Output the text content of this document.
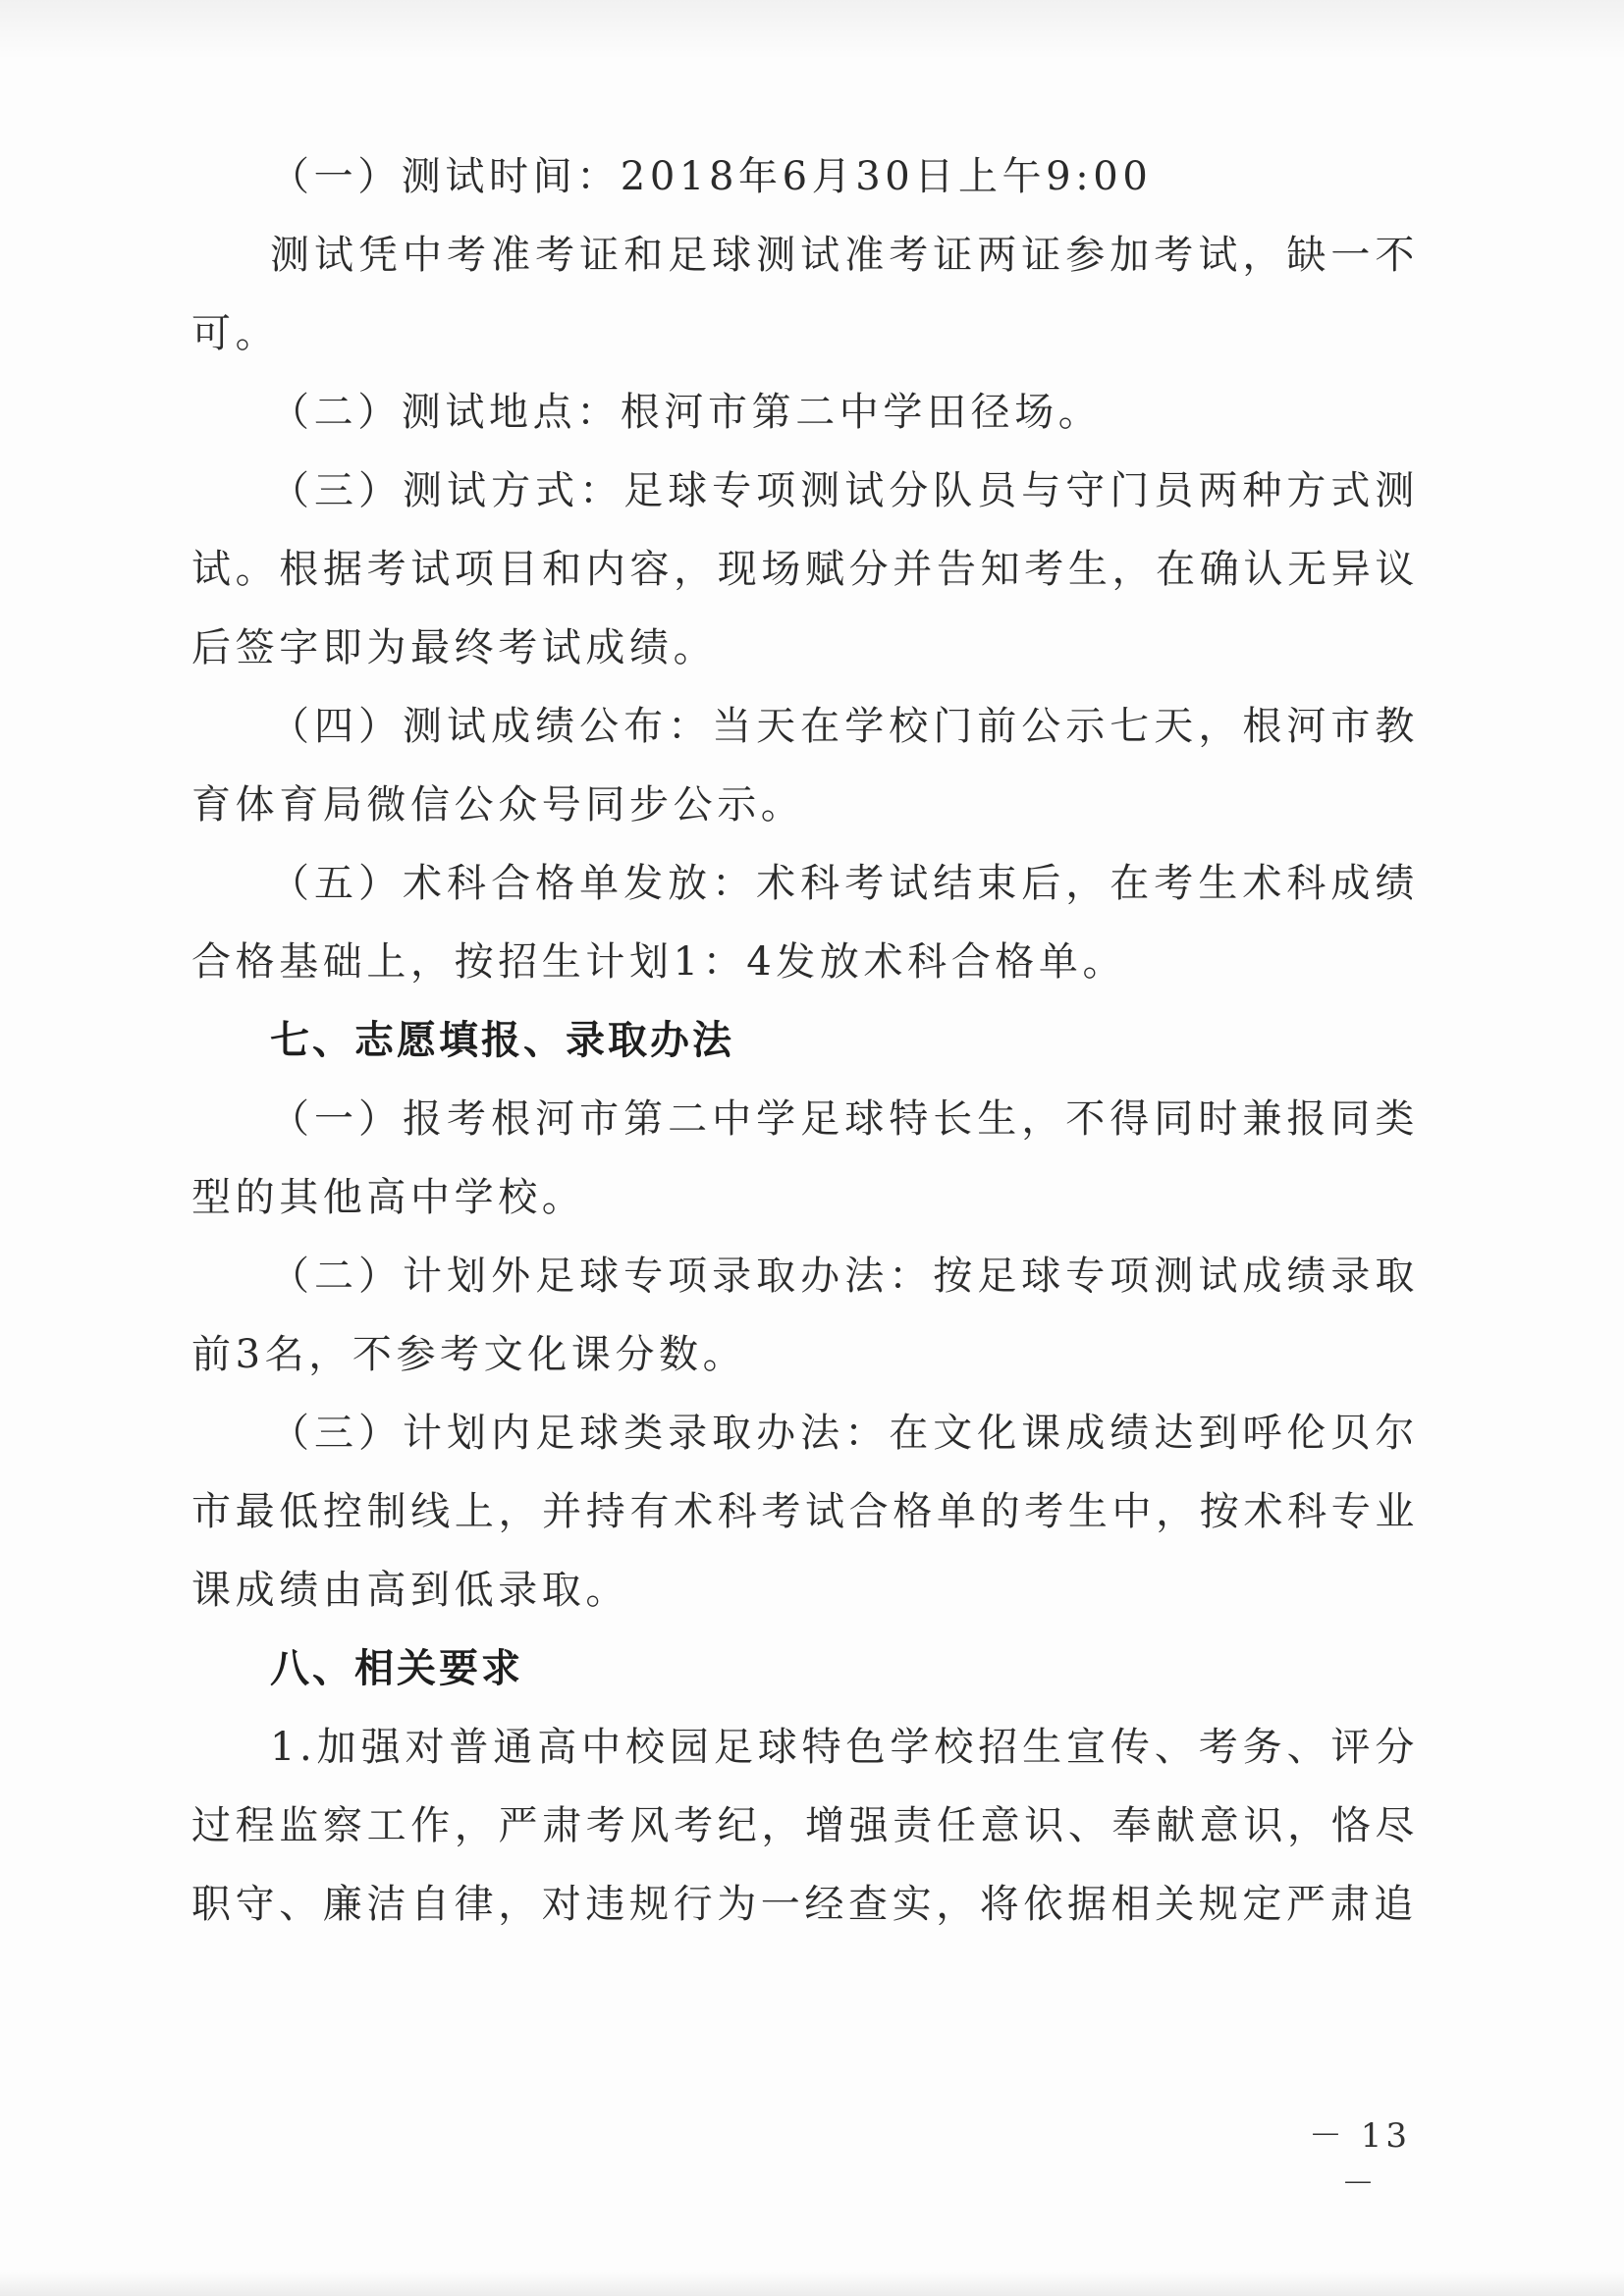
（一）测试时间：2018年6月30日上午9:00

测试凭中考准考证和足球测试准考证两证参加考试，缺一不可。

（二）测试地点：根河市第二中学田径场。

（三）测试方式：足球专项测试分队员与守门员两种方式测试。根据考试项目和内容，现场赋分并告知考生，在确认无异议后签字即为最终考试成绩。

（四）测试成绩公布：当天在学校门前公示七天，根河市教育体育局微信公众号同步公示。

（五）术科合格单发放：术科考试结束后，在考生术科成绩合格基础上，按招生计划1：4发放术科合格单。

七、志愿填报、录取办法

（一）报考根河市第二中学足球特长生，不得同时兼报同类型的其他高中学校。

（二）计划外足球专项录取办法：按足球专项测试成绩录取前3名，不参考文化课分数。

（三）计划内足球类录取办法：在文化课成绩达到呼伦贝尔市最低控制线上，并持有术科考试合格单的考生中，按术科专业课成绩由高到低录取。

八、相关要求

1.加强对普通高中校园足球特色学校招生宣传、考务、评分过程监察工作，严肃考风考纪，增强责任意识、奉献意识，恪尽职守、廉洁自律，对违规行为一经查实，将依据相关规定严肃追

－ 13 －
